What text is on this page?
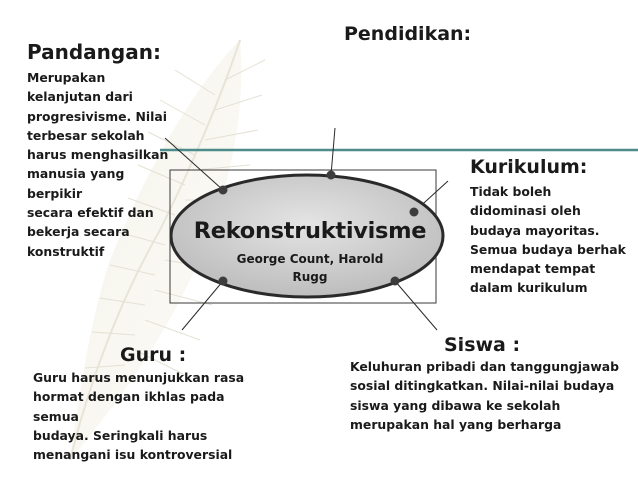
Pandangan:
Merupakan
kelanjutan dari
progresivisme. Nilai
terbesar sekolah
harus menghasilkan
manusia yang berpikir
secara efektif dan
bekerja secara
konstruktif
Pendidikan:
Kurikulum:
Tidak boleh
didominasi oleh
budaya mayoritas.
Semua budaya berhak
mendapat tempat
dalam kurikulum
Siswa :
Keluhuran pribadi dan tanggungjawab
sosial ditingkatkan. Nilai-nilai budaya
siswa yang dibawa ke sekolah
merupakan hal yang berharga
Guru :
Guru harus menunjukkan rasa
hormat dengan ikhlas pada semua
budaya. Seringkali harus
menangani isu kontroversial
Rekonstruktivisme
George Count, Harold
Rugg
